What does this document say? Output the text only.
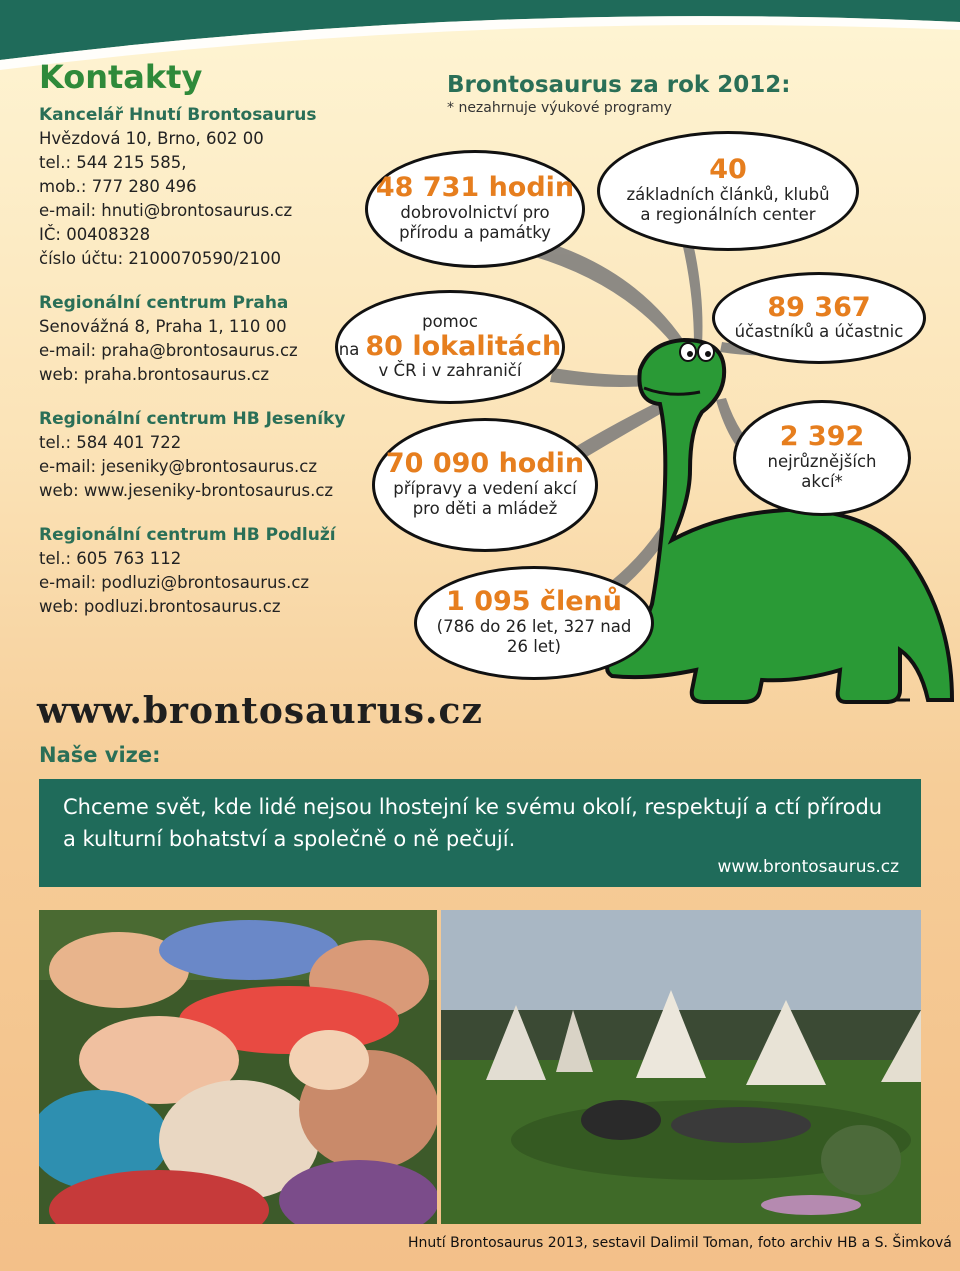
Kontakty
Kancelář Hnutí Brontosaurus
Hvězdová 10, Brno, 602 00
tel.: 544 215 585,
mob.: 777 280 496
e-mail: hnuti@brontosaurus.cz
IČ: 00408328
číslo účtu: 2100070590/2100
Regionální centrum Praha
Senovážná 8, Praha 1, 110 00
e-mail: praha@brontosaurus.cz
web: praha.brontosaurus.cz
Regionální centrum HB Jeseníky
tel.: 584 401 722
e-mail: jeseniky@brontosaurus.cz
web: www.jeseniky-brontosaurus.cz
Regionální centrum HB Podluží
tel.: 605 763 112
e-mail: podluzi@brontosaurus.cz
web: podluzi.brontosaurus.cz
Brontosaurus za rok 2012:
* nezahrnuje výukové programy
48 731 hodin
dobrovolnictví pro
přírodu a památky
40
základních článků, klubů
a regionálních center
pomoc
na 80 lokalitách
v ČR i v zahraničí
89 367
účastníků a účastnic
70 090 hodin
přípravy a vedení akcí
pro děti a mládež
2 392
nejrůznějších
akcí*
1 095 členů
(786 do 26 let, 327 nad
26 let)
www.brontosaurus.cz
Naše vize:
Chceme svět, kde lidé nejsou lhostejní ke svému okolí, respektují a ctí přírodu a kulturní bohatství a společně o ně pečují.
www.brontosaurus.cz
Hnutí Brontosaurus 2013, sestavil Dalimil Toman, foto archiv HB a S. Šimková
